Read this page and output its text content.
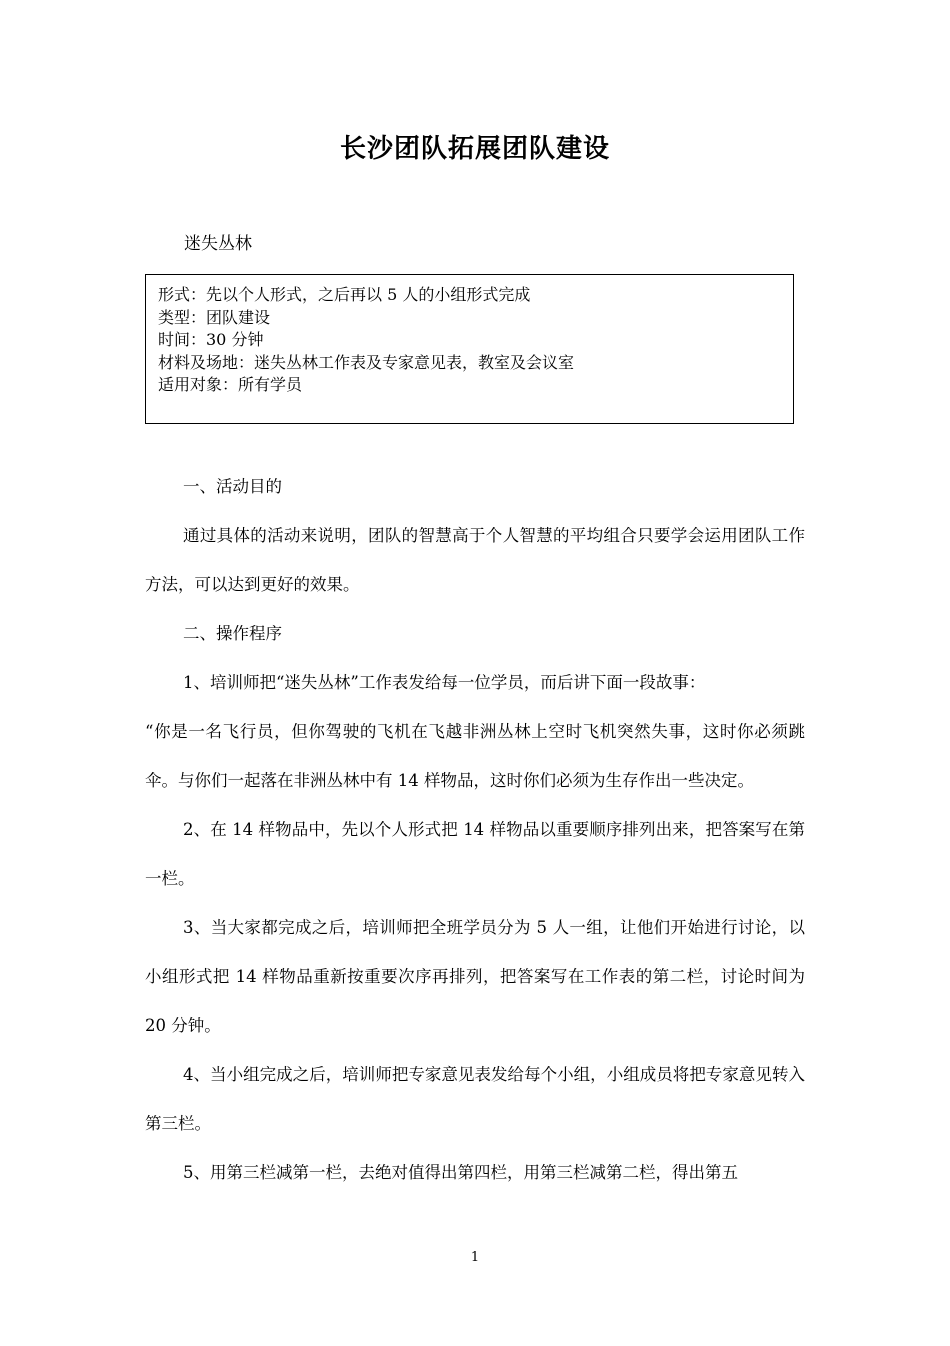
长沙团队拓展团队建设
迷失丛林
形式：先以个人形式，之后再以 5 人的小组形式完成
类型：团队建设
时间：30 分钟
材料及场地：迷失丛林工作表及专家意见表，教室及会议室
适用对象：所有学员
一、活动目的
通过具体的活动来说明，团队的智慧高于个人智慧的平均组合只要学会运用团队工作方法，可以达到更好的效果。
二、操作程序
1、培训师把“迷失丛林”工作表发给每一位学员，而后讲下面一段故事：
“你是一名飞行员，但你驾驶的飞机在飞越非洲丛林上空时飞机突然失事，这时你必须跳伞。与你们一起落在非洲丛林中有 14 样物品，这时你们必须为生存作出一些决定。
2、在 14 样物品中，先以个人形式把 14 样物品以重要顺序排列出来，把答案写在第一栏。
3、当大家都完成之后，培训师把全班学员分为 5 人一组，让他们开始进行讨论，以小组形式把 14 样物品重新按重要次序再排列，把答案写在工作表的第二栏，讨论时间为 20 分钟。
4、当小组完成之后，培训师把专家意见表发给每个小组，小组成员将把专家意见转入第三栏。
5、用第三栏减第一栏，去绝对值得出第四栏，用第三栏减第二栏，得出第五
1
